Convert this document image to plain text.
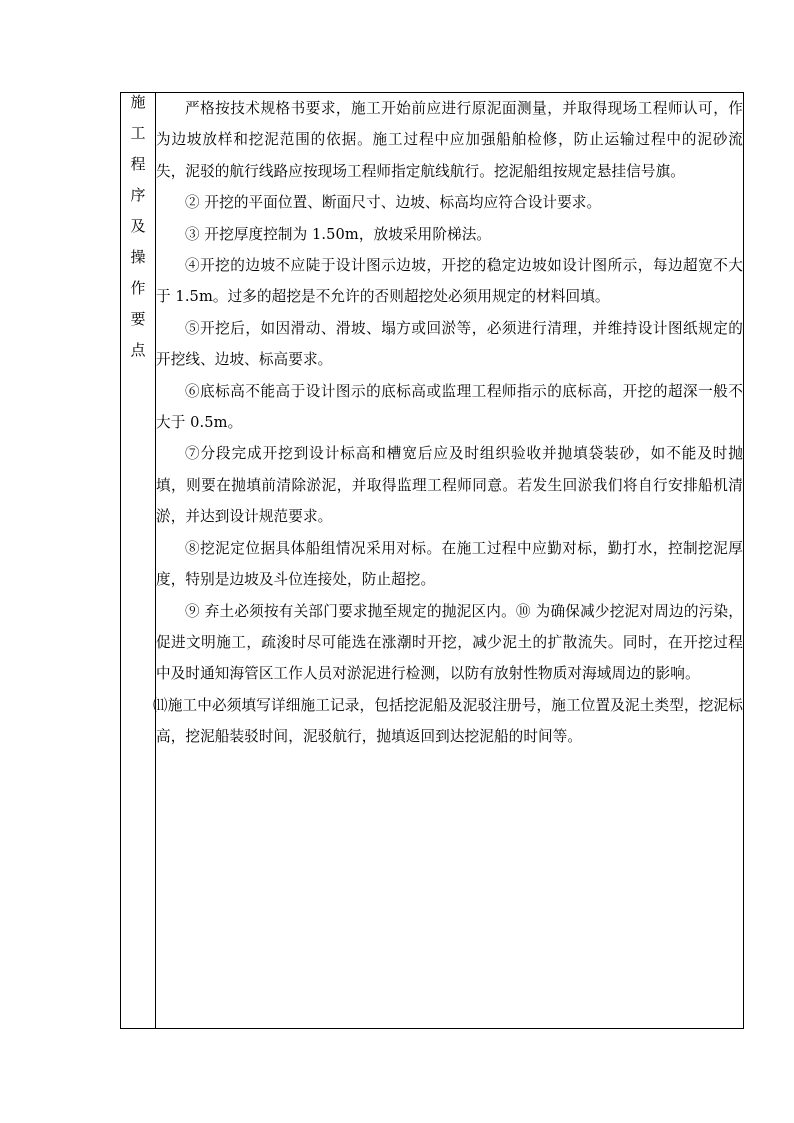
施
工
程
序
及
操
作
要
点

严格按技术规格书要求，施工开始前应进行原泥面测量，并取得现场工程师认可，作为边坡放样和挖泥范围的依据。施工过程中应加强船舶检修，防止运输过程中的泥砂流失，泥驳的航行线路应按现场工程师指定航线航行。挖泥船组按规定悬挂信号旗。

② 开挖的平面位置、断面尺寸、边坡、标高均应符合设计要求。

③ 开挖厚度控制为 1.50m，放坡采用阶梯法。

④开挖的边坡不应陡于设计图示边坡，开挖的稳定边坡如设计图所示，每边超宽不大于 1.5m。过多的超挖是不允许的否则超挖处必须用规定的材料回填。

⑤开挖后，如因滑动、滑坡、塌方或回淤等，必须进行清理，并维持设计图纸规定的开挖线、边坡、标高要求。

⑥底标高不能高于设计图示的底标高或监理工程师指示的底标高，开挖的超深一般不大于 0.5m。

⑦分段完成开挖到设计标高和槽宽后应及时组织验收并抛填袋装砂，如不能及时抛填，则要在抛填前清除淤泥，并取得监理工程师同意。若发生回淤我们将自行安排船机清淤，并达到设计规范要求。

⑧挖泥定位据具体船组情况采用对标。在施工过程中应勤对标，勤打水，控制挖泥厚度，特别是边坡及斗位连接处，防止超挖。

⑨ 弃土必须按有关部门要求抛至规定的抛泥区内。⑩ 为确保减少挖泥对周边的污染，促进文明施工，疏浚时尽可能选在涨潮时开挖，减少泥土的扩散流失。同时，在开挖过程中及时通知海管区工作人员对淤泥进行检测，以防有放射性物质对海域周边的影响。

⑾施工中必须填写详细施工记录，包括挖泥船及泥驳注册号，施工位置及泥土类型，挖泥标高，挖泥船装驳时间，泥驳航行，抛填返回到达挖泥船的时间等。
